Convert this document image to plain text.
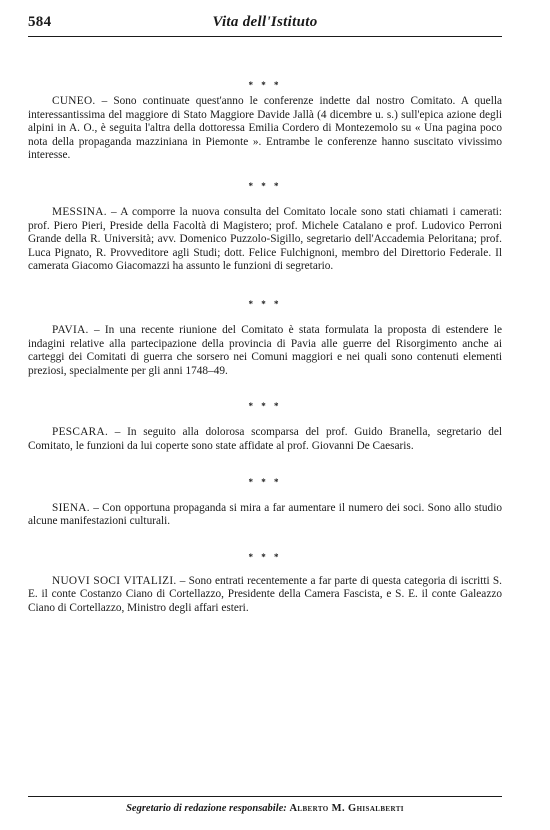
584	Vita dell'Istituto

* * *

CUNEO. – Sono continuate quest'anno le conferenze indette dal nostro Comitato. A quella interessantissima del maggiore di Stato Maggiore Davide Jallà (4 dicembre u. s.) sull'epica azione degli alpini in A. O., è seguita l'altra della dottoressa Emilia Cordero di Montezemolo su « Una pagina poco nota della propaganda mazziniana in Piemonte ». Entrambe le conferenze hanno suscitato vivissimo interesse.

* * *

MESSINA. – A comporre la nuova consulta del Comitato locale sono stati chiamati i camerati: prof. Piero Pieri, Preside della Facoltà di Magistero; prof. Michele Catalano e prof. Ludovico Perroni Grande della R. Università; avv. Domenico Puzzolo-Sigillo, segretario dell'Accademia Peloritana; prof. Luca Pignato, R. Provveditore agli Studi; dott. Felice Fulchignoni, membro del Direttorio Federale. Il camerata Giacomo Giacomazzi ha assunto le funzioni di segretario.

* * *

PAVIA. – In una recente riunione del Comitato è stata formulata la proposta di estendere le indagini relative alla partecipazione della provincia di Pavia alle guerre del Risorgimento anche ai carteggi dei Comitati di guerra che sorsero nei Comuni maggiori e nei quali sono contenuti elementi preziosi, specialmente per gli anni 1748–49.

* * *

PESCARA. – In seguito alla dolorosa scomparsa del prof. Guido Branella, segretario del Comitato, le funzioni da lui coperte sono state affidate al prof. Giovanni De Caesaris.

* * *

SIENA. – Con opportuna propaganda si mira a far aumentare il numero dei soci. Sono allo studio alcune manifestazioni culturali.

* * *

NUOVI SOCI VITALIZI. – Sono entrati recentemente a far parte di questa categoria di iscritti S. E. il conte Costanzo Ciano di Cortellazzo, Presidente della Camera Fascista, e S. E. il conte Galeazzo Ciano di Cortellazzo, Ministro degli affari esteri.

Segretario di redazione responsabile: Alberto M. Ghisalberti
